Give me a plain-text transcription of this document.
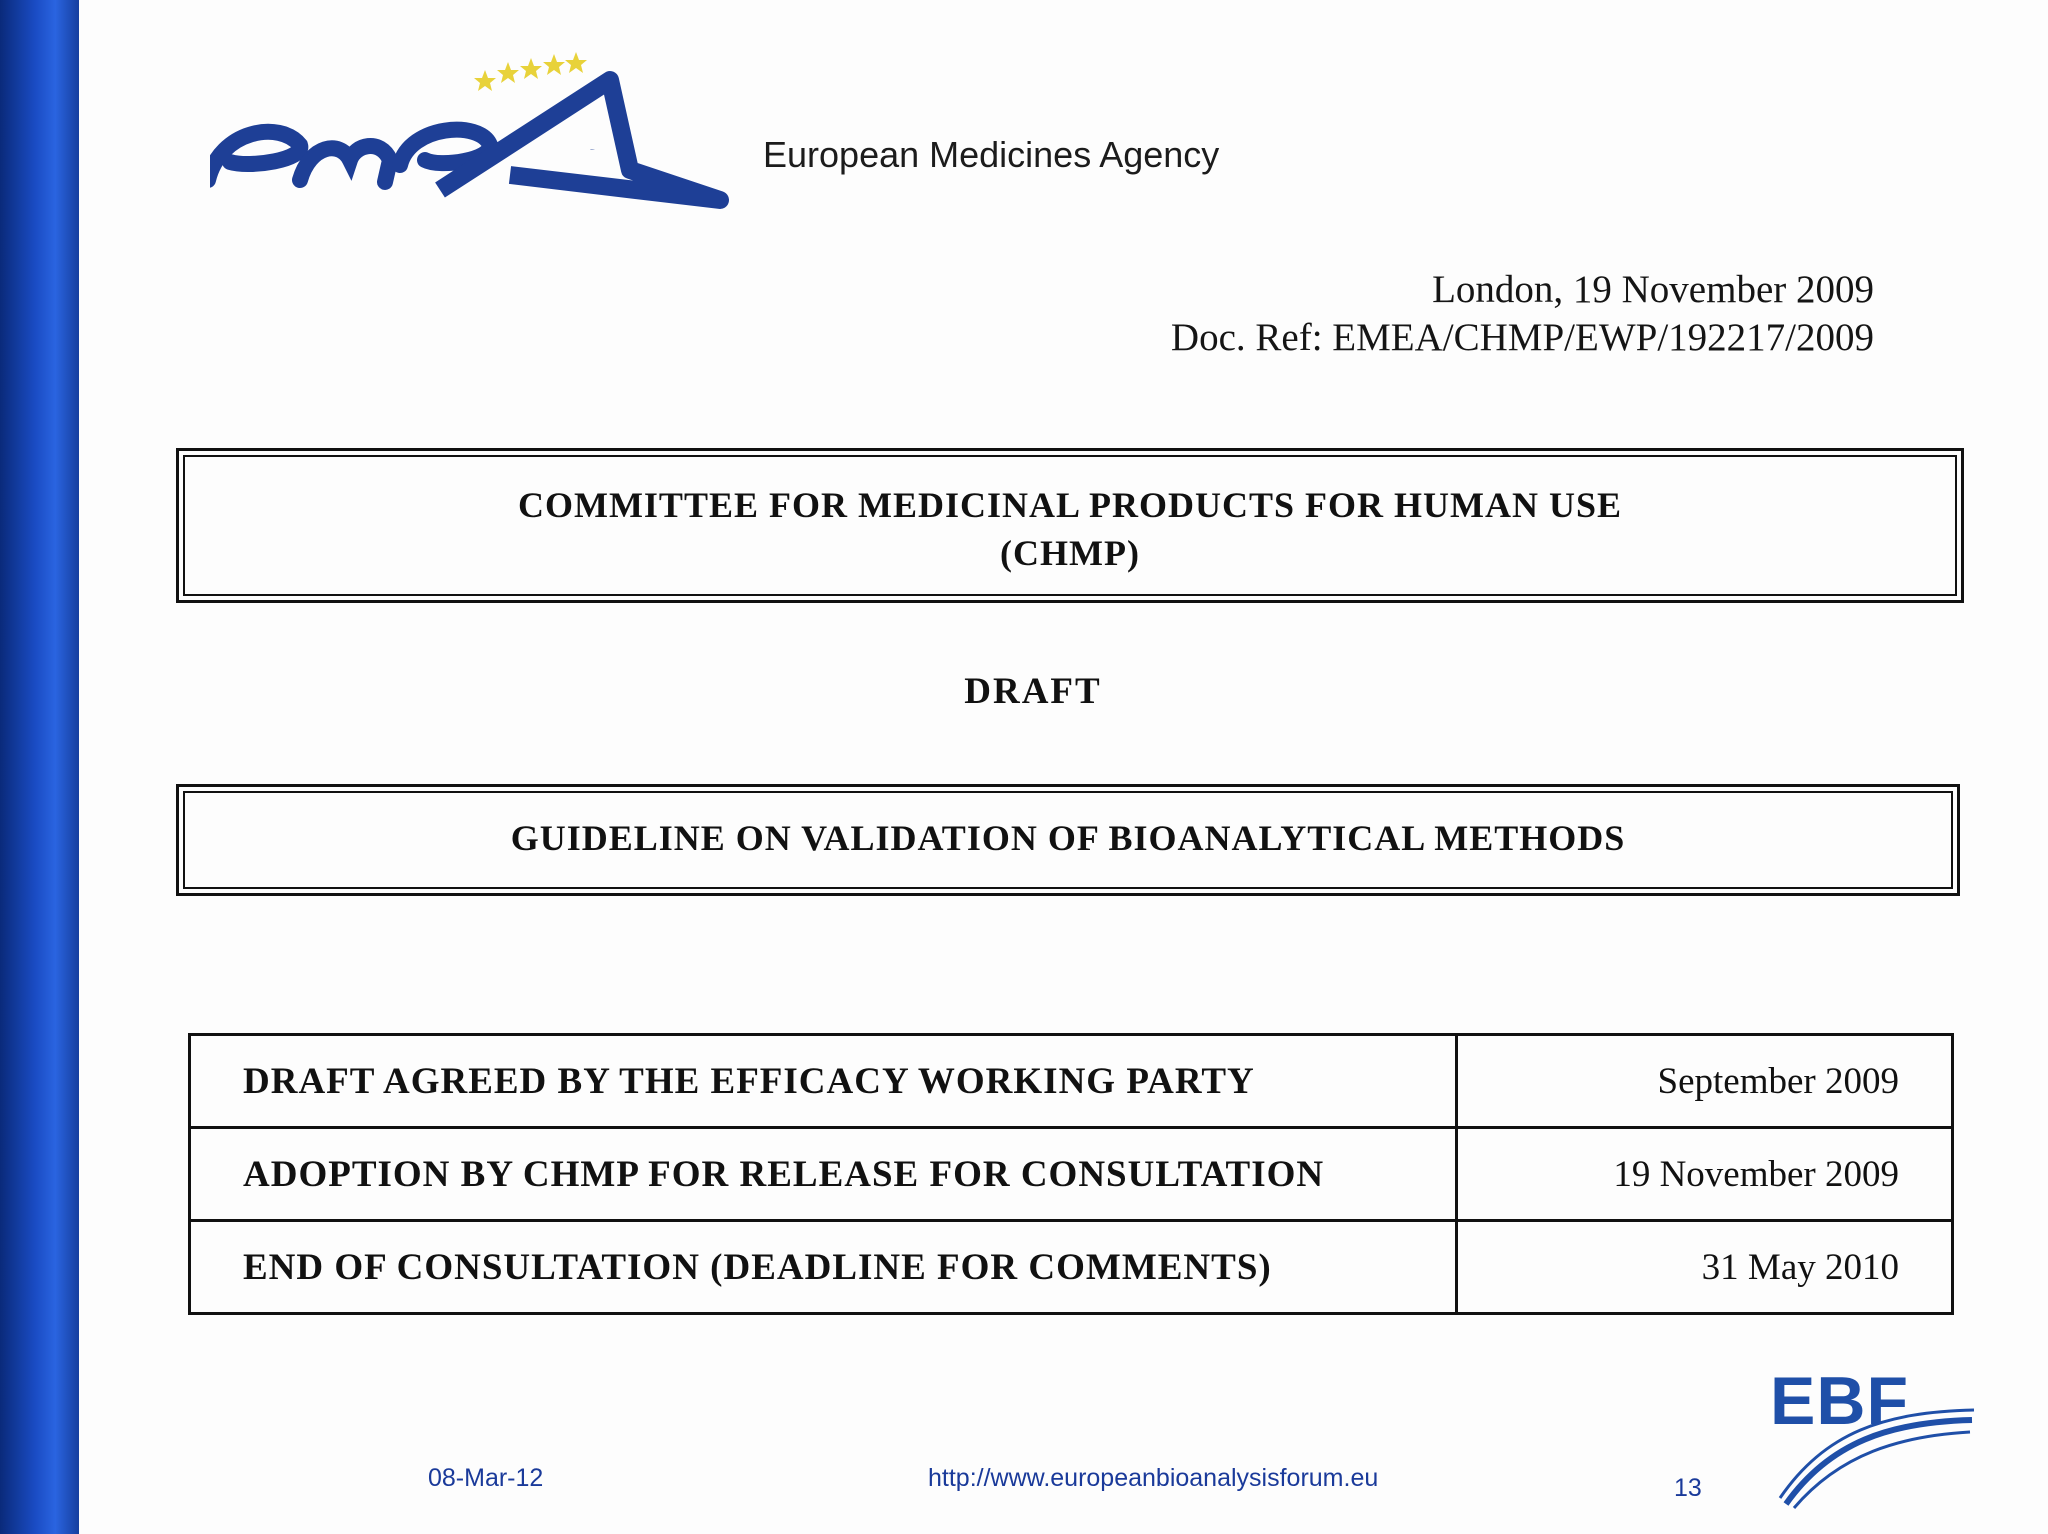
emea	European Medicines Agency
London, 19 November 2009
Doc. Ref: EMEA/CHMP/EWP/192217/2009
COMMITTEE FOR MEDICINAL PRODUCTS FOR HUMAN USE
(CHMP)
DRAFT
GUIDELINE ON VALIDATION OF BIOANALYTICAL METHODS
DRAFT AGREED BY THE EFFICACY WORKING PARTY	September 2009
ADOPTION BY CHMP FOR RELEASE FOR CONSULTATION	19 November 2009
END OF CONSULTATION (DEADLINE FOR COMMENTS)	31 May 2010
08-Mar-12	http://www.europeanbioanalysisforum.eu	13
EBF
